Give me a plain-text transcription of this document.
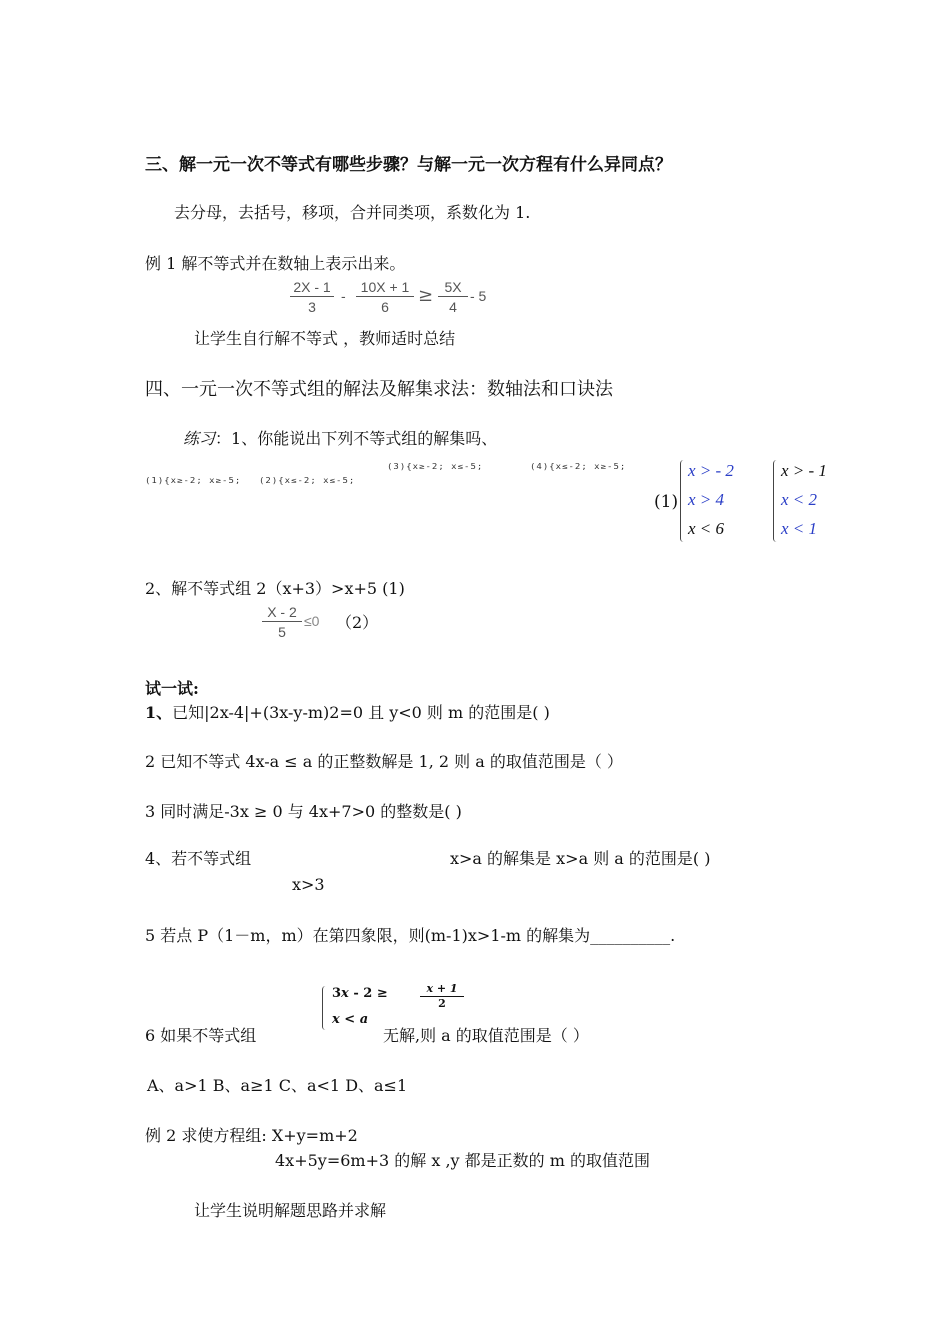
三、解一元一次不等式有哪些步骤？与解一元一次方程有什么异同点？
去分母，去括号，移项，合并同类项，系数化为 1.
例 1 解不等式并在数轴上表示出来。
$\frac{2X - 1}{3} - \frac{10X + 1}{6} \ge \frac{5X}{4} - 5$
让学生自行解不等式 ，教师适时总结
四、一元一次不等式组的解法及解集求法：数轴法和口诀法
练习：1、你能说出下列不等式组的解集吗、
(1){x≥-2; x≥-5; (2){x≤-2; x≤-5;
(3){x≥-2; x≤-5;	(4){x≤-2; x≥-5;
(1)
x > - 2
x > 4
x < 6
x > - 1
x < 2
x < 1
2、解不等式组 2（x+3）>x+5 (1)
$\frac{X - 2}{5} \le 0$ （2）
试一试:
1、已知|2x-4|+(3x-y-m)2=0 且 y<0 则 m 的范围是( )
2 已知不等式 4x-a ≤ a 的正整数解是 1, 2 则 a 的取值范围是（ ）
3 同时满足-3x ≥ 0 与 4x+7>0 的整数是( )
4、若不等式组	x>a 的解集是 x>a 则 a 的范围是( )
x>3
5 若点 P（1－m，m）在第四象限，则(m-1)x>1-m 的解集为__________.
3x - 2 ≥	$\frac{x + 1}{2}$
x < a
6 如果不等式组	无解,则 a 的取值范围是（ ）
A、a>1 B、a≥1 C、a<1 D、a≤1
例 2 求使方程组: X+y=m+2
4x+5y=6m+3 的解 x ,y 都是正数的 m 的取值范围
让学生说明解题思路并求解
